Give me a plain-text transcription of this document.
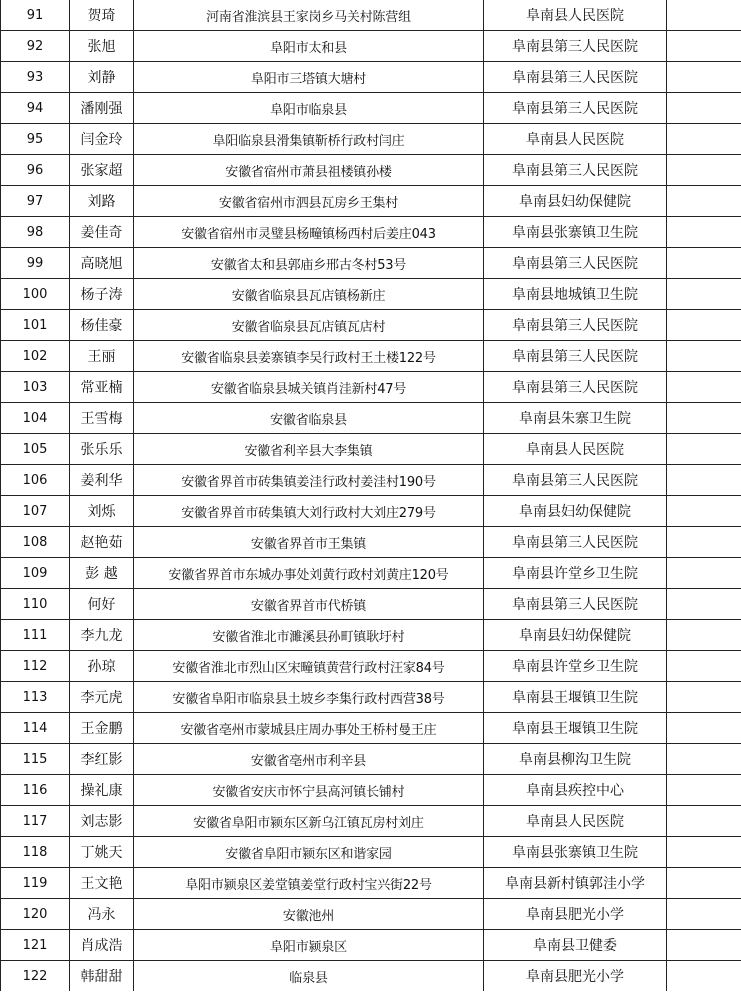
91	贺琦	河南省淮滨县王家岗乡马关村陈营组	阜南县人民医院	
92	张旭	阜阳市太和县	阜南县第三人民医院	
93	刘静	阜阳市三塔镇大塘村	阜南县第三人民医院	
94	潘刚强	阜阳市临泉县	阜南县第三人民医院	
95	闫金玲	阜阳临泉县滑集镇靳桥行政村闫庄	阜南县人民医院	
96	张家超	安徽省宿州市萧县祖楼镇孙楼	阜南县第三人民医院	
97	刘路	安徽省宿州市泗县瓦房乡王集村	阜南县妇幼保健院	
98	姜佳奇	安徽省宿州市灵璧县杨疃镇杨西村后姜庄043	阜南县张寨镇卫生院	
99	高晓旭	安徽省太和县郭庙乡邢古冬村53号	阜南县第三人民医院	
100	杨子涛	安徽省临泉县瓦店镇杨新庄	阜南县地城镇卫生院	
101	杨佳豪	安徽省临泉县瓦店镇瓦店村	阜南县第三人民医院	
102	王丽	安徽省临泉县姜寨镇李吴行政村王土楼122号	阜南县第三人民医院	
103	常亚楠	安徽省临泉县城关镇肖洼新村47号	阜南县第三人民医院	
104	王雪梅	安徽省临泉县	阜南县朱寨卫生院	
105	张乐乐	安徽省利辛县大李集镇	阜南县人民医院	
106	姜利华	安徽省界首市砖集镇姜洼行政村姜洼村190号	阜南县第三人民医院	
107	刘烁	安徽省界首市砖集镇大刘行政村大刘庄279号	阜南县妇幼保健院	
108	赵艳茹	安徽省界首市王集镇	阜南县第三人民医院	
109	彭 越	安徽省界首市东城办事处刘黄行政村刘黄庄120号	阜南县许堂乡卫生院	
110	何好	安徽省界首市代桥镇	阜南县第三人民医院	
111	李九龙	安徽省淮北市濉溪县孙町镇耿圩村	阜南县妇幼保健院	
112	孙琼	安徽省淮北市烈山区宋疃镇黄营行政村汪家84号	阜南县许堂乡卫生院	
113	李元虎	安徽省阜阳市临泉县土坡乡李集行政村西营38号	阜南县王堰镇卫生院	
114	王金鹏	安徽省亳州市蒙城县庄周办事处王桥村曼王庄	阜南县王堰镇卫生院	
115	李红影	安徽省亳州市利辛县	阜南县柳沟卫生院	
116	操礼康	安徽省安庆市怀宁县高河镇长铺村	阜南县疾控中心	
117	刘志影	安徽省阜阳市颍东区新乌江镇瓦房村刘庄	阜南县人民医院	
118	丁姚天	安徽省阜阳市颍东区和谐家园	阜南县张寨镇卫生院	
119	王文艳	阜阳市颍泉区姜堂镇姜堂行政村宝兴街22号	阜南县新村镇郭洼小学	
120	冯永	安徽池州	阜南县肥光小学	
121	肖成浩	阜阳市颍泉区	阜南县卫健委	
122	韩甜甜	临泉县	阜南县肥光小学	
